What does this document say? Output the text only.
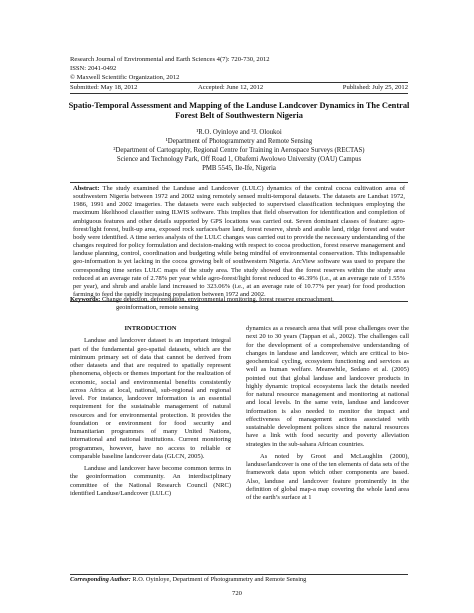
Research Journal of Environmental and Earth Sciences 4(7): 720-730, 2012
ISSN: 2041-0492
© Maxwell Scientific Organization, 2012
Submitted: May 18, 2012	Accepted: June 12, 2012	Published: July 25, 2012
Spatio-Temporal Assessment and Mapping of the Landuse Landcover Dynamics in The Central Forest Belt of Southwestern Nigeria
¹R.O. Oyinloye and ²J. Oloukoi
¹Department of Photogrammetry and Remote Sensing
²Department of Cartography, Regional Centre for Training in Aerospace Surveys (RECTAS)
Science and Technology Park, Off Road 1, Obafemi Awolowo University (OAU) Campus
PMB 5545, Ile-Ife, Nigeria
Abstract: The study examined the Landuse and Landcover (LULC) dynamics of the central cocoa cultivation area of southwestern Nigeria between 1972 and 2002 using remotely sensed multi-temporal datasets. The datasets are Landsat 1972, 1986, 1991 and 2002 imageries. The datasets were each subjected to supervised classification techniques employing the maximum likelihood classifier using ILWIS software. This implies that field observation for identification and completion of ambiguous features and other details supported by GPS locations was carried out. Seven dominant classes of feature: agro-forest/light forest, built-up area, exposed rock surfaces/bare land, forest reserve, shrub and arable land, ridge forest and water body were identified. A time series analysis of the LULC changes was carried out to provide the necessary understanding of the changes required for policy formulation and decision-making with respect to cocoa production, forest reserve management and landuse planning, control, coordination and budgeting while being mindful of environmental conservation. This indispensable geo-information is yet lacking in the cocoa growing belt of southwestern Nigeria. ArcView software was used to prepare the corresponding time series LULC maps of the study area. The study showed that the forest reserves within the study area reduced at an average rate of 2.78% per year while agro-forest/light forest reduced to 46.39% (i.e., at an average rate of 1.55% per year), and shrub and arable land increased to 323.06% (i.e., at an average rate of 10.77% per year) for food production farming to feed the rapidly increasing population between 1972 and 2002.
Keywords: Change detection, deforestation, environmental monitoring, forest reserve encroachment,
geoinformation, remote sensing
INTRODUCTION

Landuse and landcover dataset is an important integral part of the fundamental geo-spatial datasets, which are the minimum primary set of data that cannot be derived from other datasets and that are required to spatially represent phenomena, objects or themes important for the realization of economic, social and environmental benefits consistently across Africa at local, national, sub-regional and regional level. For instance, landcover information is an essential requirement for the sustainable management of natural resources and for environmental protection. It provides the foundation or environment for food security and humanitarian programmes of many United Nations, international and national institutions. Current monitoring programmes, however, have no access to reliable or comparable baseline landcover data (GLCN, 2005).

Landuse and landcover have become common terms in the geoinformation community. An interdisciplinary committee of the National Research Council (NRC) identified Landuse/Landcover (LULC)

dynamics as a research area that will pose challenges over the next 20 to 30 years (Tappan et al., 2002). The challenges call for the development of a comprehensive understanding of changes in landuse and landcover, which are critical to bio-geochemical cycling, ecosystem functioning and services as well as human welfare. Meanwhile, Sedano et al. (2005) pointed out that global landuse and landcover products in highly dynamic tropical ecosystems lack the details needed for natural resource management and monitoring at national and local levels. In the same vein, landuse and landcover information is also needed to monitor the impact and effectiveness of management actions associated with sustainable development polices since the natural resources have a link with food security and poverty alleviation strategies in the sub-sahara African countries.

As noted by Groot and McLaughlin (2000), landuse/landcover is one of the ten elements of data sets of the framework data upon which other components are based. Also, landuse and landcover feature prominently in the definition of global map-a map covering the whole land area of the earth’s surface at 1

Corresponding Author: R.O. Oyinloye, Department of Photogrammetry and Remote Sensing
720
